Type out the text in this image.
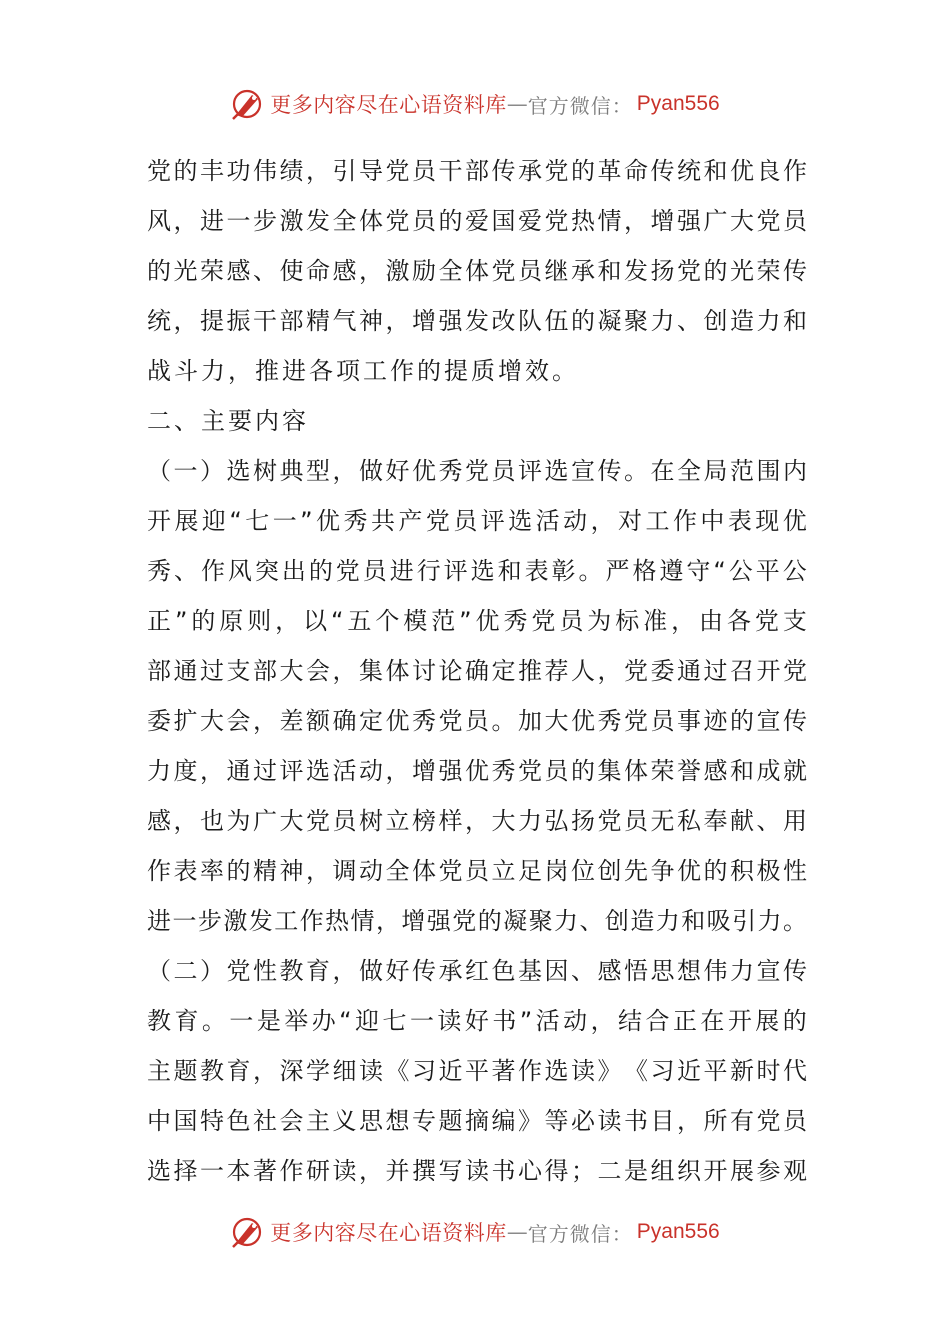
更多内容尽在心语资料库 — 官方微信： Pyan556
党 的 丰 功 伟 绩 ， 引 导 党 员 干 部 传 承 党 的 革 命 传 统 和 优 良 作
风 ， 进 一 步 激 发 全 体 党 员 的 爱 国 爱 党 热 情 ， 增 强 广 大 党 员
的 光 荣 感 、 使 命 感 ， 激 励 全 体 党 员 继 承 和 发 扬 党 的 光 荣 传
统 ， 提 振 干 部 精 气 神 ， 增 强 发 改 队 伍 的 凝 聚 力 、 创 造 力 和
战斗力，推进各项工作的提质增效。
二、主要内容
（ 一 ） 选 树 典 型 ， 做 好 优 秀 党 员 评 选 宣 传 。 在 全 局 范 围 内
开 展 迎 “ 七 一 ” 优 秀 共 产 党 员 评 选 活 动 ， 对 工 作 中 表 现 优
秀 、 作 风 突 出 的 党 员 进 行 评 选 和 表 彰 。 严 格 遵 守 “ 公 平 公
正 ” 的 原 则 ， 以 “ 五 个 模 范 ” 优 秀 党 员 为 标 准 ， 由 各 党 支
部 通 过 支 部 大 会 ， 集 体 讨 论 确 定 推 荐 人 ， 党 委 通 过 召 开 党
委 扩 大 会 ， 差 额 确 定 优 秀 党 员 。 加 大 优 秀 党 员 事 迹 的 宣 传
力 度 ， 通 过 评 选 活 动 ， 增 强 优 秀 党 员 的 集 体 荣 誉 感 和 成 就
感 ， 也 为 广 大 党 员 树 立 榜 样 ， 大 力 弘 扬 党 员 无 私 奉 献 、 用
作 表 率 的 精 神 ， 调 动 全 体 党 员 立 足 岗 位 创 先 争 优 的 积 极 性
进 一 步 激 发 工 作 热 情 ， 增 强 党 的 凝 聚 力 、 创 造 力 和 吸 引 力 。
（ 二 ） 党 性 教 育 ， 做 好 传 承 红 色 基 因 、 感 悟 思 想 伟 力 宣 传
教 育 。 一 是 举 办 “ 迎 七 一 读 好 书 ” 活 动 ， 结 合 正 在 开 展 的
主 题 教 育 ， 深 学 细 读 《 习 近 平 著 作 选 读 》 《 习 近 平 新 时 代
中 国 特 色 社 会 主 义 思 想 专 题 摘 编 》 等 必 读 书 目 ， 所 有 党 员
选 择 一 本 著 作 研 读 ， 并 撰 写 读 书 心 得 ； 二 是 组 织 开 展 参 观
更多内容尽在心语资料库 — 官方微信： Pyan556
